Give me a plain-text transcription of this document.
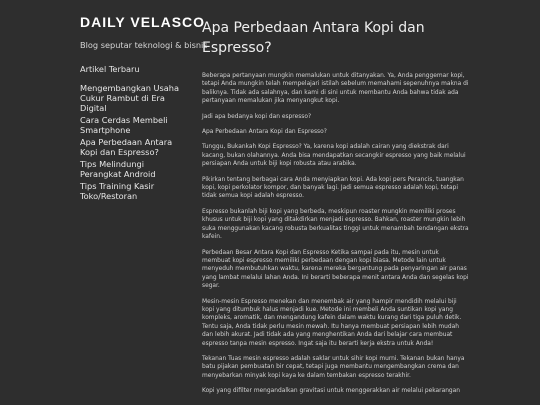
DAILY VELASCO
Blog seputar teknologi & bisnis
Artikel Terbaru
Mengembangkan Usaha
Cukur Rambut di Era
Digital
Cara Cerdas Membeli
Smartphone
Apa Perbedaan Antara
Kopi dan Espresso?
Tips Melindungi
Perangkat Android
Tips Training Kasir
Toko/Restoran
Apa Perbedaan Antara Kopi dan
Espresso?

Beberapa pertanyaan mungkin memalukan untuk ditanyakan. Ya, Anda penggemar kopi,
tetapi Anda mungkin telah mempelajari istilah sebelum memahami sepenuhnya makna di
baliknya. Tidak ada salahnya, dan kami di sini untuk membantu Anda bahwa tidak ada
pertanyaan memalukan jika menyangkut kopi.

Jadi apa bedanya kopi dan espresso?

Apa Perbedaan Antara Kopi dan Espresso?

Tunggu, Bukankah Kopi Espresso? Ya, karena kopi adalah cairan yang diekstrak dari
kacang, bukan olahannya. Anda bisa mendapatkan secangkir espresso yang baik melalui
persiapan Anda untuk biji kopi robusta atau arabika.

Pikirkan tentang berbagai cara Anda menyiapkan kopi. Ada kopi pers Perancis, tuangkan
kopi, kopi perkolator kompor, dan banyak lagi. Jadi semua espresso adalah kopi, tetapi
tidak semua kopi adalah espresso.

Espresso bukanlah biji kopi yang berbeda, meskipun roaster mungkin memiliki proses
khusus untuk biji kopi yang ditakdirkan menjadi espresso. Bahkan, roaster mungkin lebih
suka menggunakan kacang robusta berkualitas tinggi untuk menambah tendangan ekstra
kafein.

Perbedaan Besar Antara Kopi dan Espresso Ketika sampai pada itu, mesin untuk
membuat kopi espresso memiliki perbedaan dengan kopi biasa. Metode lain untuk
menyeduh membutuhkan waktu, karena mereka bergantung pada penyaringan air panas
yang lambat melalui lahan Anda. Ini berarti beberapa menit antara Anda dan segelas kopi
segar.

Mesin-mesin Espresso menekan dan menembak air yang hampir mendidih melalui biji
kopi yang ditumbuk halus menjadi kue. Metode ini membeli Anda suntikan kopi yang
kompleks, aromatik, dan mengandung kafein dalam waktu kurang dari tiga puluh detik.
Tentu saja, Anda tidak perlu mesin mewah. Itu hanya membuat persiapan lebih mudah
dan lebih akurat. Jadi tidak ada yang menghentikan Anda dari belajar cara membuat
espresso tanpa mesin espresso. Ingat saja itu berarti kerja ekstra untuk Anda!

Tekanan Tuas mesin espresso adalah saklar untuk sihir kopi murni. Tekanan bukan hanya
batu pijakan pembuatan bir cepat, tetapi juga membantu mengembangkan crema dan
menyebarkan minyak kopi kaya ke dalam tembakan espresso terakhir.

Kopi yang difilter mengandalkan gravitasi untuk menggerakkan air melalui pekarangan
